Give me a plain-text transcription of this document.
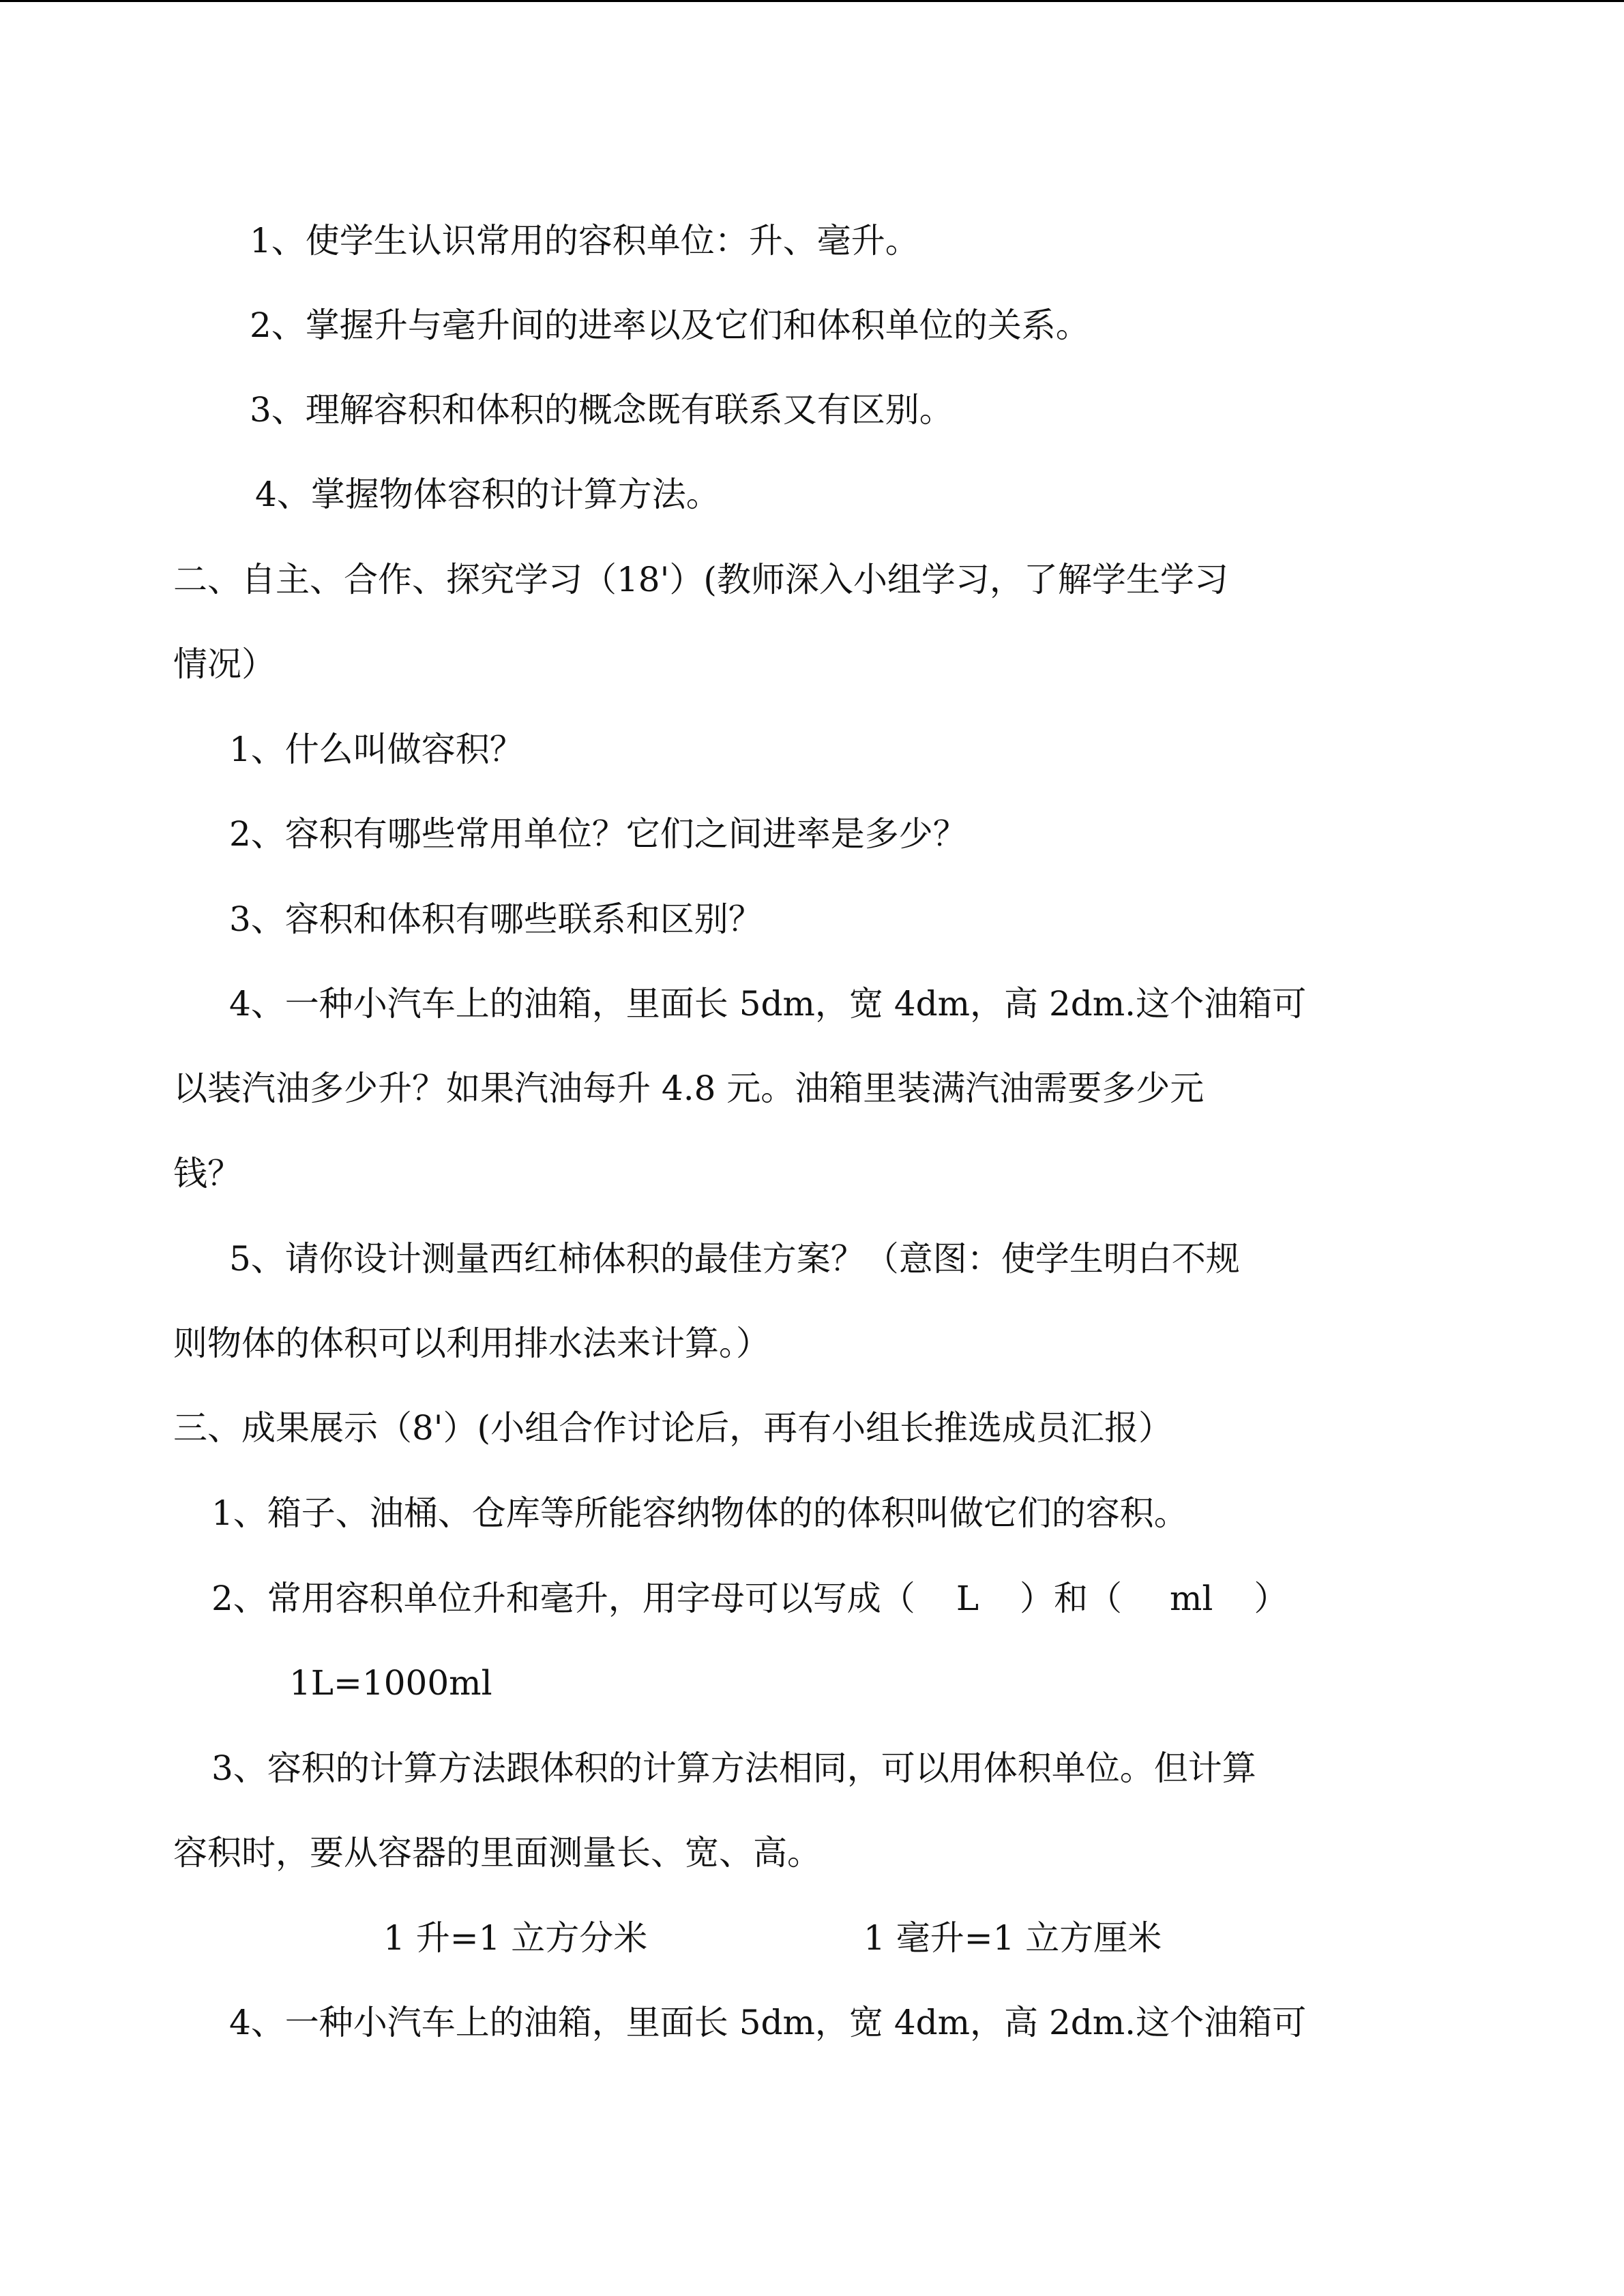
1、使学生认识常用的容积单位：升、毫升。
2、掌握升与毫升间的进率以及它们和体积单位的关系。
3、理解容积和体积的概念既有联系又有区别。
4、掌握物体容积的计算方法。
二、自主、合作、探究学习（18'）(教师深入小组学习，了解学生学习
情况）
1、什么叫做容积？
2、容积有哪些常用单位？它们之间进率是多少？
3、容积和体积有哪些联系和区别？
4、一种小汽车上的油箱，里面长 5dm，宽 4dm，高 2dm.这个油箱可
以装汽油多少升？如果汽油每升 4.8 元。油箱里装满汽油需要多少元
钱？
5、请你设计测量西红柿体积的最佳方案？（意图：使学生明白不规
则物体的体积可以利用排水法来计算。）
三、成果展示（8'）(小组合作讨论后，再有小组长推选成员汇报）
1、箱子、油桶、仓库等所能容纳物体的的体积叫做它们的容积。
2、常用容积单位升和毫升，用字母可以写成（ L ）和（ ml ）
1L=1000ml
3、容积的计算方法跟体积的计算方法相同，可以用体积单位。但计算
容积时，要从容器的里面测量长、宽、高。
1 升=1 立方分米	1 毫升=1 立方厘米
4、一种小汽车上的油箱，里面长 5dm，宽 4dm，高 2dm.这个油箱可
